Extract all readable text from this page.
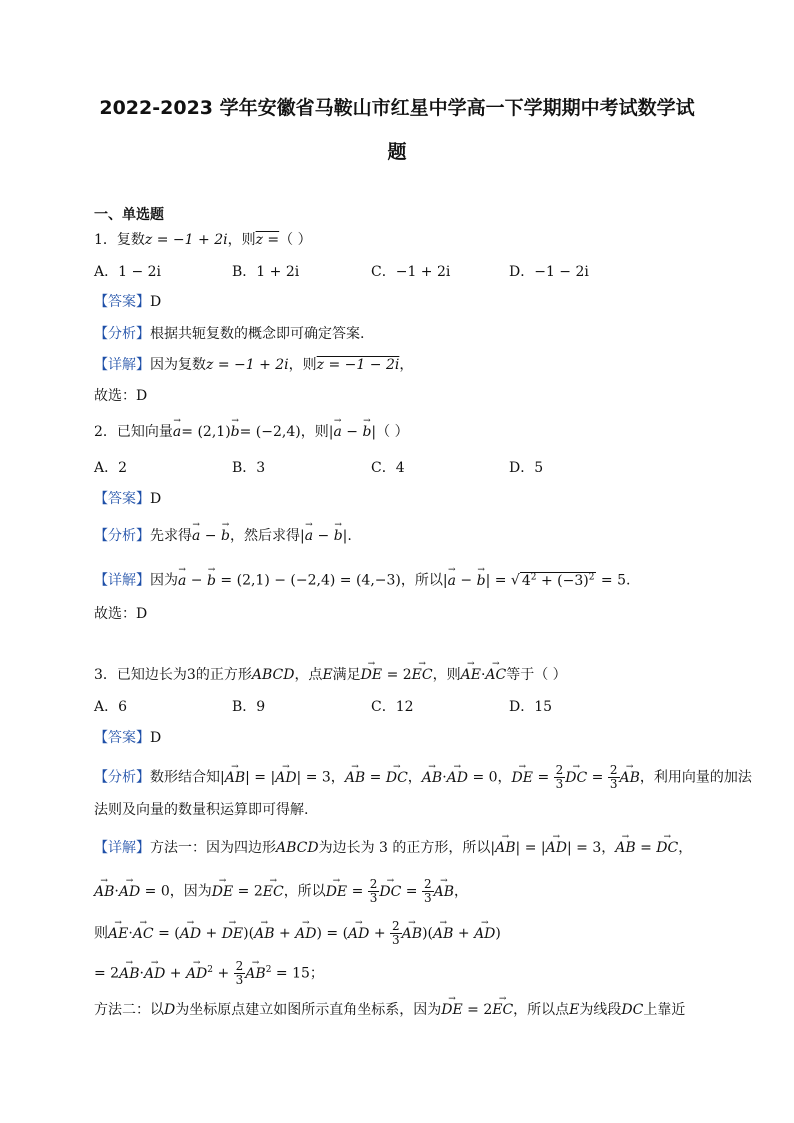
2022-2023 学年安徽省马鞍山市红星中学高一下学期期中考试数学试
题
一、单选题
1．复数z = −1 + 2i，则z =（ ）
A．1 − 2i	B．1 + 2i	C．−1 + 2i	D．−1 − 2i
【答案】D
【分析】根据共轭复数的概念即可确定答案.
【详解】因为复数z = −1 + 2i，则z = −1 − 2i，
故选：D
2．已知向量→ a= (2,1)→ b= (−2,4)，则|→ a − → b|（ ）
A．2	B．3	C．4	D．5
【答案】D
【分析】先求得→ a − → b，然后求得|→ a − → b|.
【详解】因为→ a − → b = (2,1) − (−2,4) = (4,−3)，所以|→ a − → b| = √ $4^2 + (-3)^2 = 5$.
故选：D
3．已知边长为3的正方形ABCD，点E满足→ DE = 2→ EC，则→ AE·→ AC等于（ ）
A．6	B．9	C．12	D．15
【答案】D
【分析】数形结合知|→ AB| = |→ AD| = 3，→ AB = → DC，→ AB·→ AD = 0，→ DE = $\frac{2}{3}$ → DC = $\frac{2}{3}$ → AB，利用向量的加法
法则及向量的数量积运算即可得解.
【详解】方法一：因为四边形ABCD为边长为 3 的正方形，所以|→ AB| = |→ AD| = 3，→ AB = → DC，
→ AB·→ AD = 0，因为→ DE = 2→ EC，所以→ DE = $\frac{2}{3}$ → DC = $\frac{2}{3}$ → AB，
则→ AE·→ AC = (→ AD + → DE)(→ AB + → AD) = (→ AD + $\frac{2}{3} \to AB)(\to$ AB + → AD)
= 2→ AB·→ AD + → $AD^2 + \frac{2}{3} \to AB^2 = 15$；
方法二：以D为坐标原点建立如图所示直角坐标系，因为→ DE = 2→ EC，所以点E为线段DC上靠近
